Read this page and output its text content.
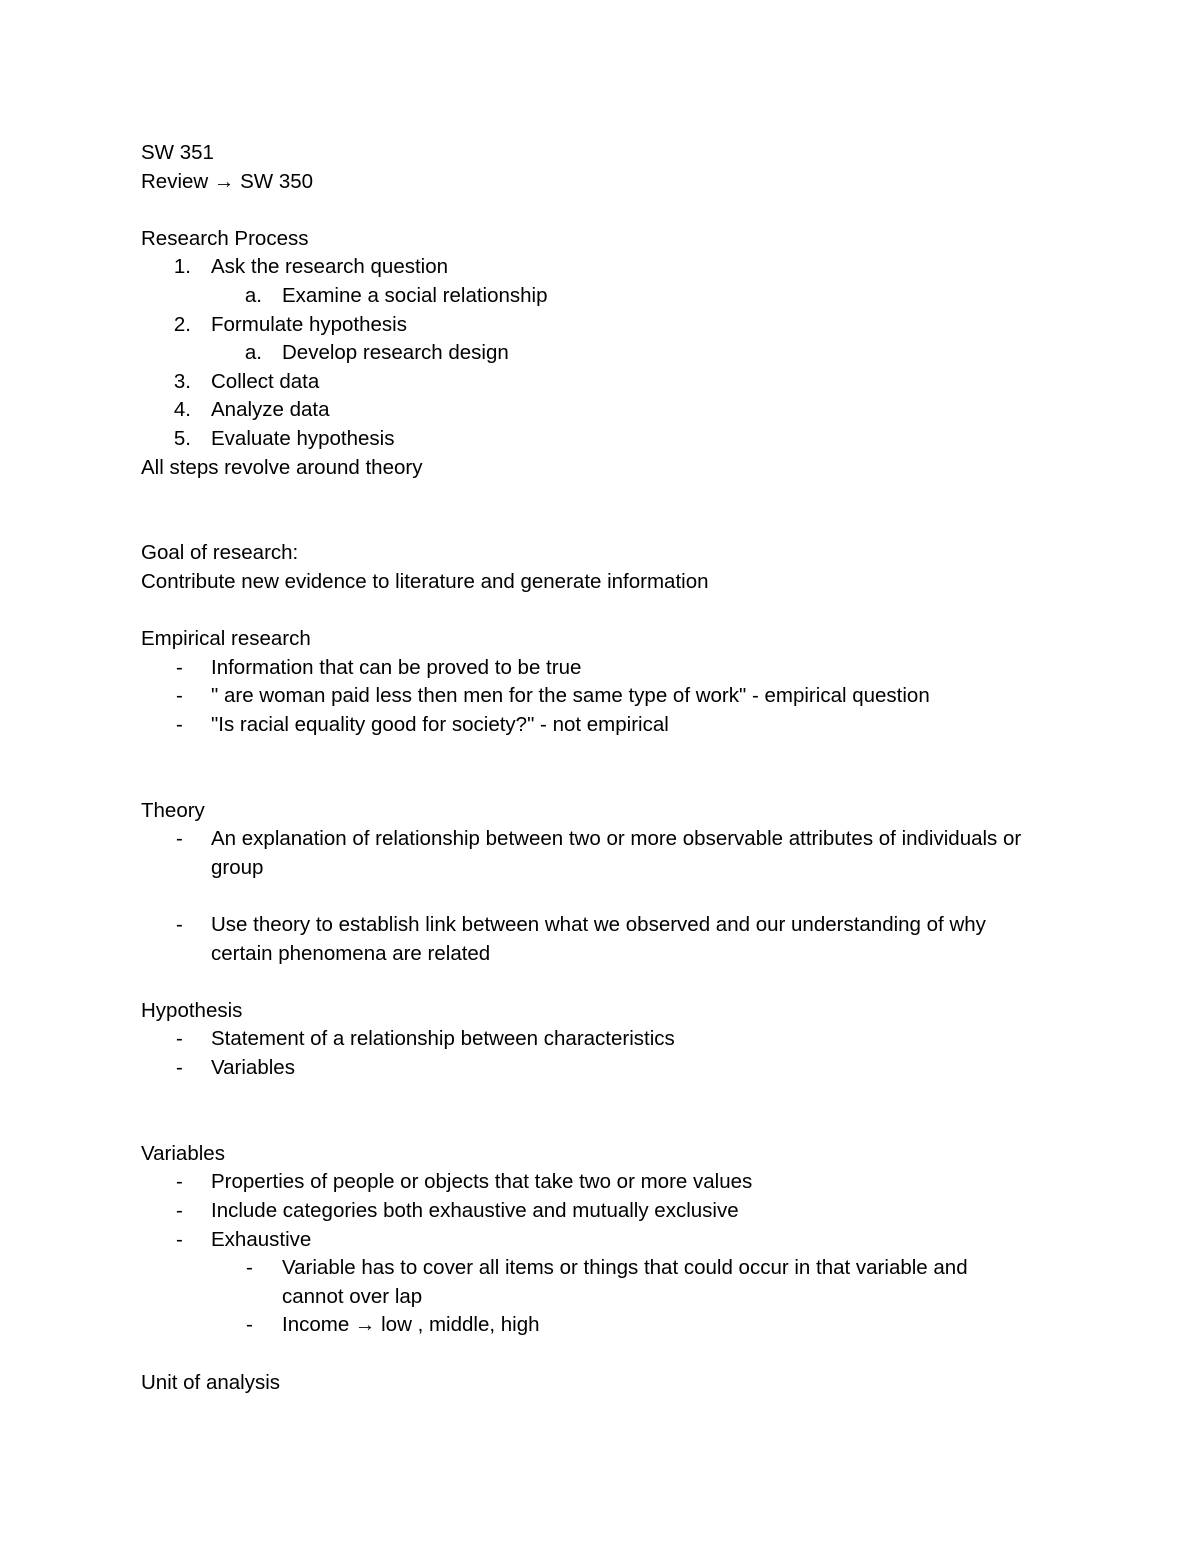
SW 351
Review → SW 350
Research Process
1. Ask the research question
a. Examine a social relationship
2. Formulate hypothesis
a. Develop research design
3. Collect data
4. Analyze data
5. Evaluate hypothesis
All steps revolve around theory
Goal of research:
Contribute new evidence to literature and generate information
Empirical research
-	Information that can be proved to be true
-	" are woman paid less then men for the same type of work" - empirical question
-	"Is racial equality good for society?" - not empirical
Theory
-	An explanation of relationship between two or more observable attributes of individuals or group
-	Use theory to establish link between what we observed and our understanding of why certain phenomena are related
Hypothesis
-	Statement of a relationship between characteristics
-	Variables
Variables
-	Properties of people or objects that take two or more values
-	Include categories both exhaustive and mutually exclusive
-	Exhaustive
-	Variable has to cover all items or things that could occur in that variable and cannot over lap
-	Income → low , middle, high
Unit of analysis
